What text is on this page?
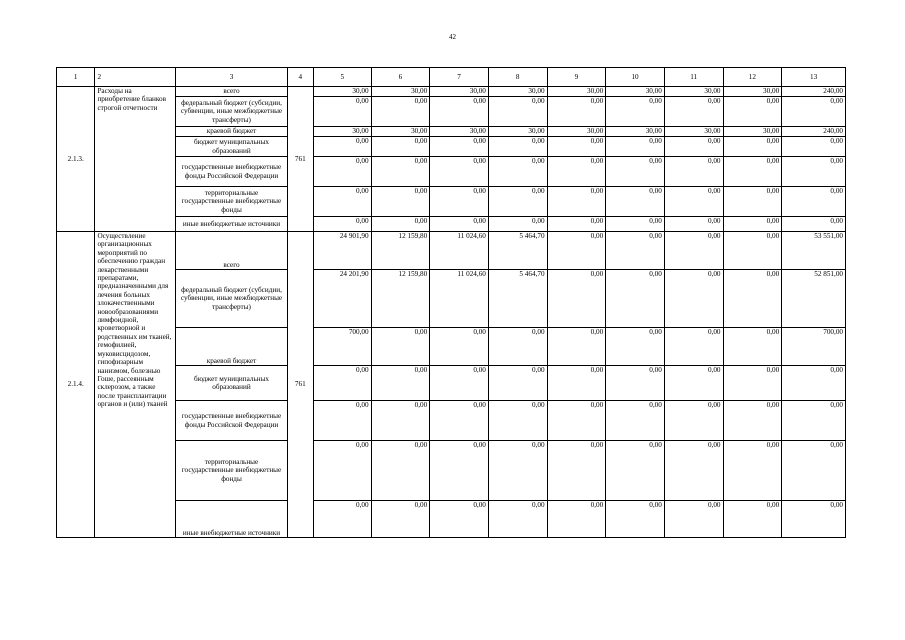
42
1	2	3	4	5	6	7	8	9	10	11	12	13
2.1.3.	Расходы на приобретение бланков строгой отчетности	всего	761	30,00	30,00	30,00	30,00	30,00	30,00	30,00	30,00	240,00
		федеральный бюджет (субсидии, субвенции, иные межбюджетные трансферты)		0,00	0,00	0,00	0,00	0,00	0,00	0,00	0,00	0,00
		краевой бюджет		30,00	30,00	30,00	30,00	30,00	30,00	30,00	30,00	240,00
		бюджет муниципальных образований		0,00	0,00	0,00	0,00	0,00	0,00	0,00	0,00	0,00
		государственные внебюджетные фонды Российской Федерации		0,00	0,00	0,00	0,00	0,00	0,00	0,00	0,00	0,00
		территориальные государственные внебюджетные фонды		0,00	0,00	0,00	0,00	0,00	0,00	0,00	0,00	0,00
		иные внебюджетные источники		0,00	0,00	0,00	0,00	0,00	0,00	0,00	0,00	0,00
2.1.4.	Осуществление организационных мероприятий по обеспечению граждан лекарственными препаратами, предназначенными для лечения больных злокачественными новообразованиями лимфоидной, кроветворной и родственных им тканей, гемофилией, муковисцидозом, гипофизарным нанизмом, болезнью Гоше, рассеянным склерозом, а также после трансплантации органов и (или) тканей	всего	761	24 901,90	12 159,80	11 024,60	5 464,70	0,00	0,00	0,00	0,00	53 551,00
		федеральный бюджет (субсидии, субвенции, иные межбюджетные трансферты)		24 201,90	12 159,80	11 024,60	5 464,70	0,00	0,00	0,00	0,00	52 851,00
		краевой бюджет		700,00	0,00	0,00	0,00	0,00	0,00	0,00	0,00	700,00
		бюджет муниципальных образований		0,00	0,00	0,00	0,00	0,00	0,00	0,00	0,00	0,00
		государственные внебюджетные фонды Российской Федерации		0,00	0,00	0,00	0,00	0,00	0,00	0,00	0,00	0,00
		территориальные государственные внебюджетные фонды		0,00	0,00	0,00	0,00	0,00	0,00	0,00	0,00	0,00
		иные внебюджетные источники		0,00	0,00	0,00	0,00	0,00	0,00	0,00	0,00	0,00
